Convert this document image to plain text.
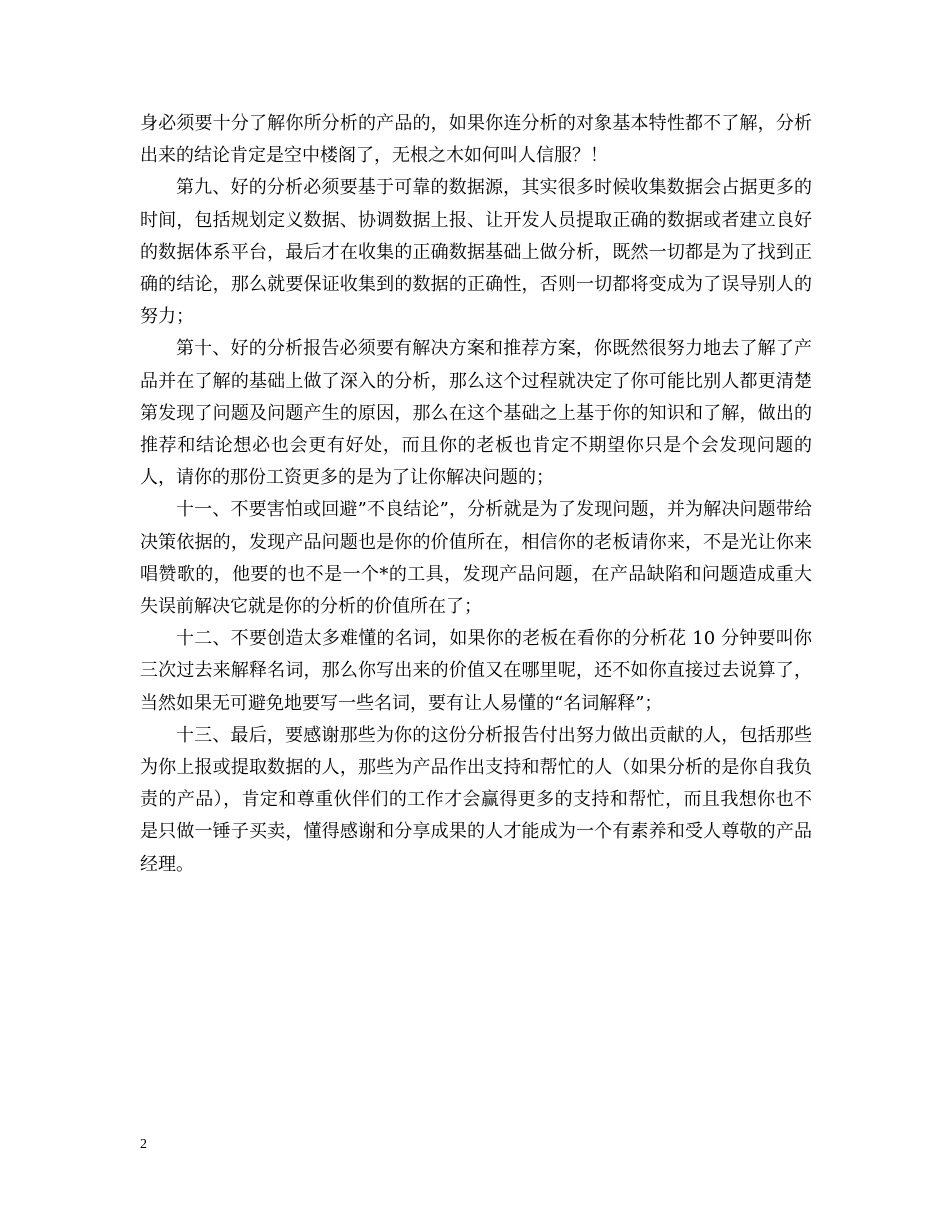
身必须要十分了解你所分析的产品的，如果你连分析的对象基本特性都不了解，分析出来的结论肯定是空中楼阁了，无根之木如何叫人信服？！

第九、好的分析必须要基于可靠的数据源，其实很多时候收集数据会占据更多的时间，包括规划定义数据、协调数据上报、让开发人员提取正确的数据或者建立良好的数据体系平台，最后才在收集的正确数据基础上做分析，既然一切都是为了找到正确的结论，那么就要保证收集到的数据的正确性，否则一切都将变成为了误导别人的努力；

第十、好的分析报告必须要有解决方案和推荐方案，你既然很努力地去了解了产品并在了解的基础上做了深入的分析，那么这个过程就决定了你可能比别人都更清楚第发现了问题及问题产生的原因，那么在这个基础之上基于你的知识和了解，做出的推荐和结论想必也会更有好处，而且你的老板也肯定不期望你只是个会发现问题的人，请你的那份工资更多的是为了让你解决问题的；

十一、不要害怕或回避”不良结论”，分析就是为了发现问题，并为解决问题带给决策依据的，发现产品问题也是你的价值所在，相信你的老板请你来，不是光让你来唱赞歌的，他要的也不是一个*的工具，发现产品问题，在产品缺陷和问题造成重大失误前解决它就是你的分析的价值所在了；

十二、不要创造太多难懂的名词，如果你的老板在看你的分析花 10 分钟要叫你三次过去来解释名词，那么你写出来的价值又在哪里呢，还不如你直接过去说算了，当然如果无可避免地要写一些名词，要有让人易懂的“名词解释”；

十三、最后，要感谢那些为你的这份分析报告付出努力做出贡献的人，包括那些为你上报或提取数据的人，那些为产品作出支持和帮忙的人（如果分析的是你自我负责的产品），肯定和尊重伙伴们的工作才会赢得更多的支持和帮忙，而且我想你也不是只做一锤子买卖，懂得感谢和分享成果的人才能成为一个有素养和受人尊敬的产品经理。

2
